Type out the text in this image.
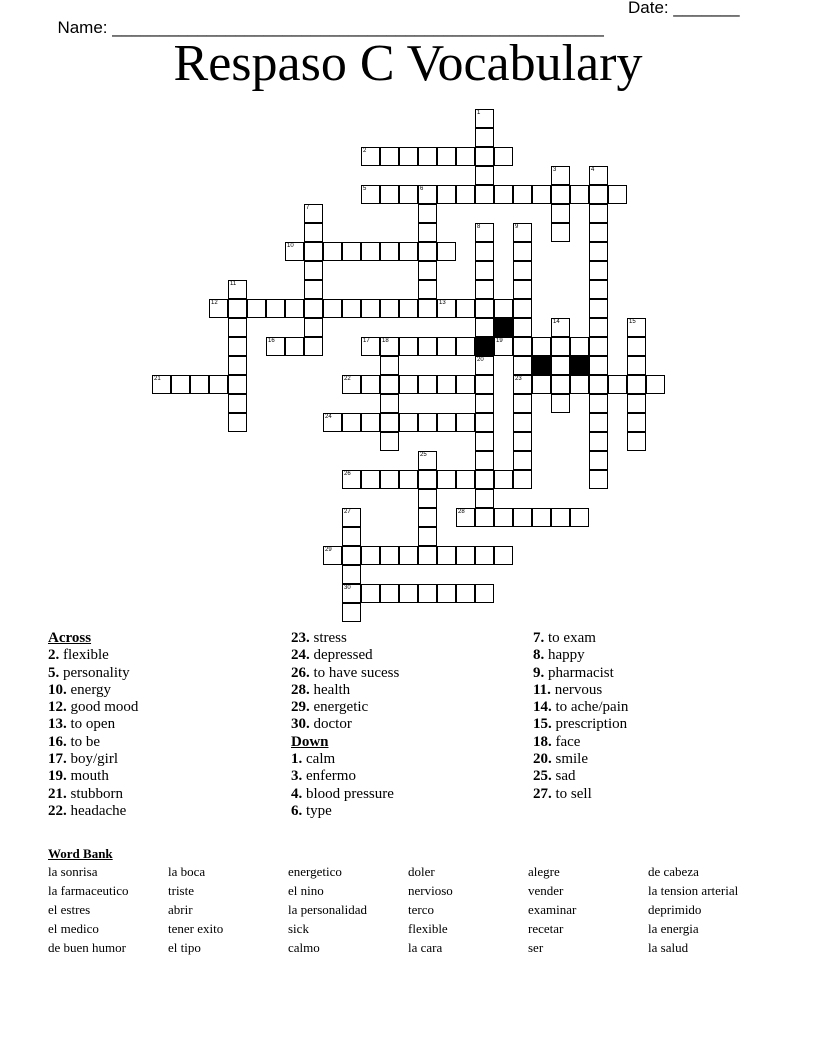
Name: ____________________________________________________

Date: _______

Respaso C Vocabulary
1
2
3	4
5	6
7
8	9
10
11
12	13
14	15
16	17 18	19
20
21	22	23
24
25
26
27	28
29
30
Across
2. flexible
5. personality
10. energy
12. good mood
13. to open
16. to be
17. boy/girl
19. mouth
21. stubborn
22. headache
23. stress
24. depressed
26. to have sucess
28. health
29. energetic
30. doctor
Down
1. calm
3. enfermo
4. blood pressure
6. type
7. to exam
8. happy
9. pharmacist
11. nervous
14. to ache/pain
15. prescription
18. face
20. smile
25. sad
27. to sell
Word Bank
la sonrisa	la boca	energetico	doler	alegre	de cabeza
la farmaceutico	triste	el nino	nervioso	vender	la tension arterial
el estres	abrir	la personalidad	terco	examinar	deprimido
el medico	tener exito	sick	flexible	recetar	la energia
de buen humor	el tipo	calmo	la cara	ser	la salud
